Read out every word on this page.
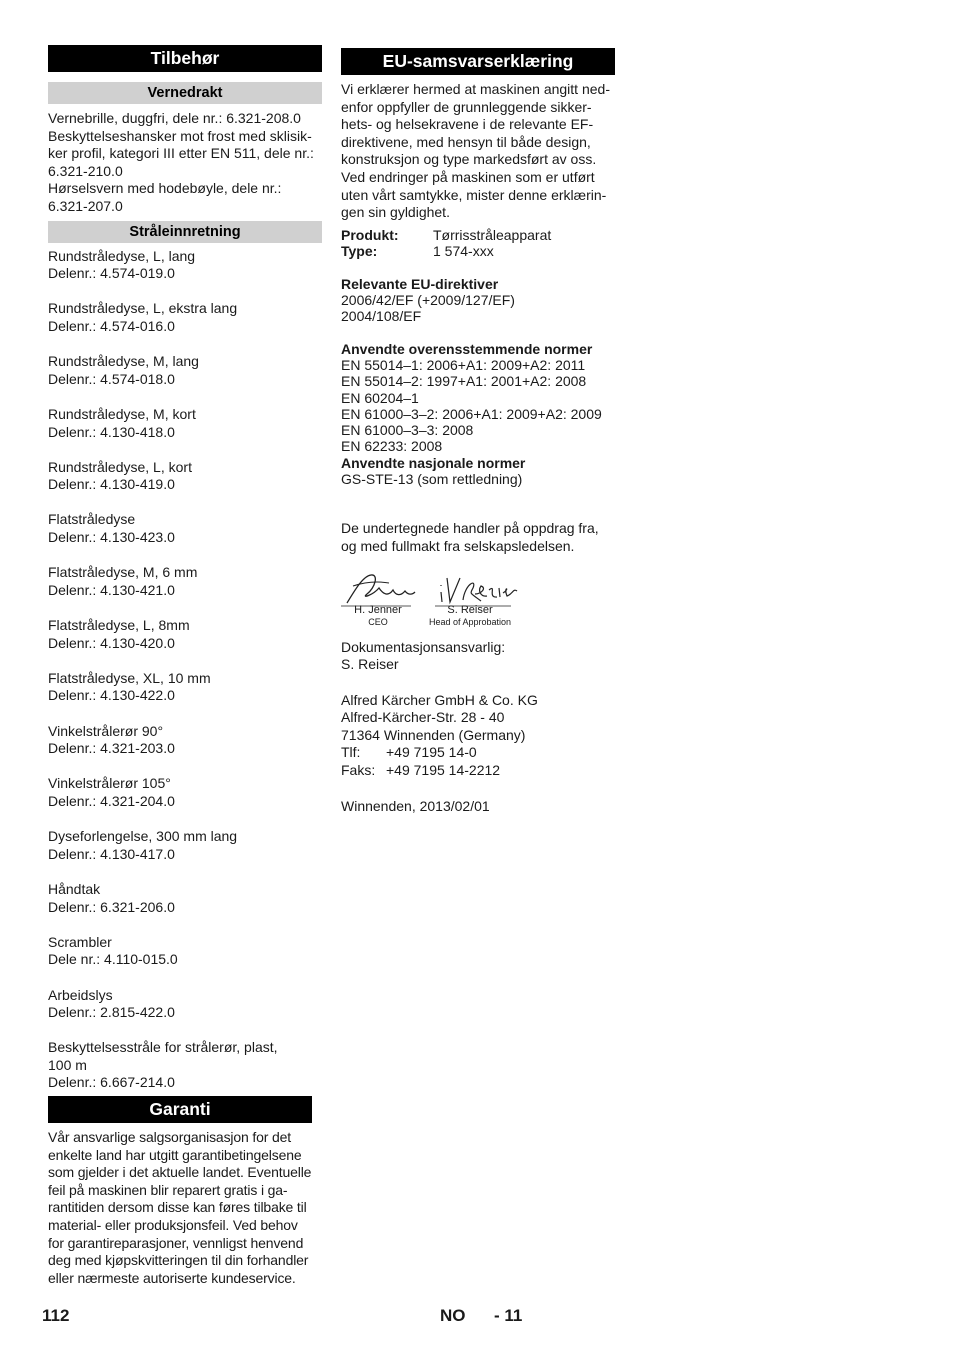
Tilbehør
Vernedrakt

Vernebrille, duggfri, dele nr.: 6.321-208.0
Beskyttelseshansker mot frost med sklisik-
ker profil, kategori III etter EN 511, dele nr.:
6.321-210.0
Hørselsvern med hodebøyle, dele nr.:
6.321-207.0

Stråleinnretning

Rundstråledyse, L, lang

Delenr.: 4.574-019.0

Rundstråledyse, L, ekstra lang

Delenr.: 4.574-016.0

Rundstråledyse, M, lang

Delenr.: 4.574-018.0

Rundstråledyse, M, kort

Delenr.: 4.130-418.0

Rundstråledyse, L, kort

Delenr.: 4.130-419.0

Flatstråledyse

Delenr.: 4.130-423.0

Flatstråledyse, M, 6 mm

Delenr.: 4.130-421.0

Flatstråledyse, L, 8mm

Delenr.: 4.130-420.0

Flatstråledyse, XL, 10 mm

Delenr.: 4.130-422.0

Vinkelstrålerør 90°

Delenr.: 4.321-203.0

Vinkelstrålerør 105°

Delenr.: 4.321-204.0

Dyseforlengelse, 300 mm lang

Delenr.: 4.130-417.0

Håndtak

Delenr.: 6.321-206.0

Scrambler

Dele nr.: 4.110-015.0

Arbeidslys

Delenr.: 2.815-422.0

Beskyttelsesstråle for strålerør, plast,
100 m

Delenr.: 6.667-214.0

Garanti

Vår ansvarlige salgsorganisasjon for det
enkelte land har utgitt garantibetingelsene
som gjelder i det aktuelle landet. Eventuelle
feil på maskinen blir reparert gratis i ga-
rantitiden dersom disse kan føres tilbake til
material- eller produksjonsfeil. Ved behov
for garantireparasjoner, vennligst henvend
deg med kjøpskvitteringen til din forhandler
eller nærmeste autoriserte kundeservice.

EU-samsvarserklæring

Vi erklærer hermed at maskinen angitt ned-
enfor oppfyller de grunnleggende sikker-
hets- og helsekravene i de relevante EF-
direktivene, med hensyn til både design,
konstruksjon og type markedsført av oss.
Ved endringer på maskinen som er utført
uten vårt samtykke, mister denne erklærin-
gen sin gyldighet.

Produkt:	Tørrisstråleapparat
Type:	1 574-xxx

Relevante EU-direktiver

2006/42/EF (+2009/127/EF)
2004/108/EF

Anvendte overensstemmende normer

EN 55014–1: 2006+A1: 2009+A2: 2011
EN 55014–2: 1997+A1: 2001+A2: 2008
EN 60204–1
EN 61000–3–2: 2006+A1: 2009+A2: 2009
EN 61000–3–3: 2008
EN 62233: 2008

Anvendte nasjonale normer

GS-STE-13 (som rettledning)

De undertegnede handler på oppdrag fra,
og med fullmakt fra selskapsledelsen.

H. Jenner
CEO
S. Reiser
Head of Approbation

Dokumentasjonsansvarlig:

S. Reiser

Alfred Kärcher GmbH & Co. KG
Alfred-Kärcher-Str. 28 - 40
71364 Winnenden (Germany)

Tlf:	+49 7195 14-0
Faks: +49 7195 14-2212

Winnenden, 2013/02/01

112	NO - 11
